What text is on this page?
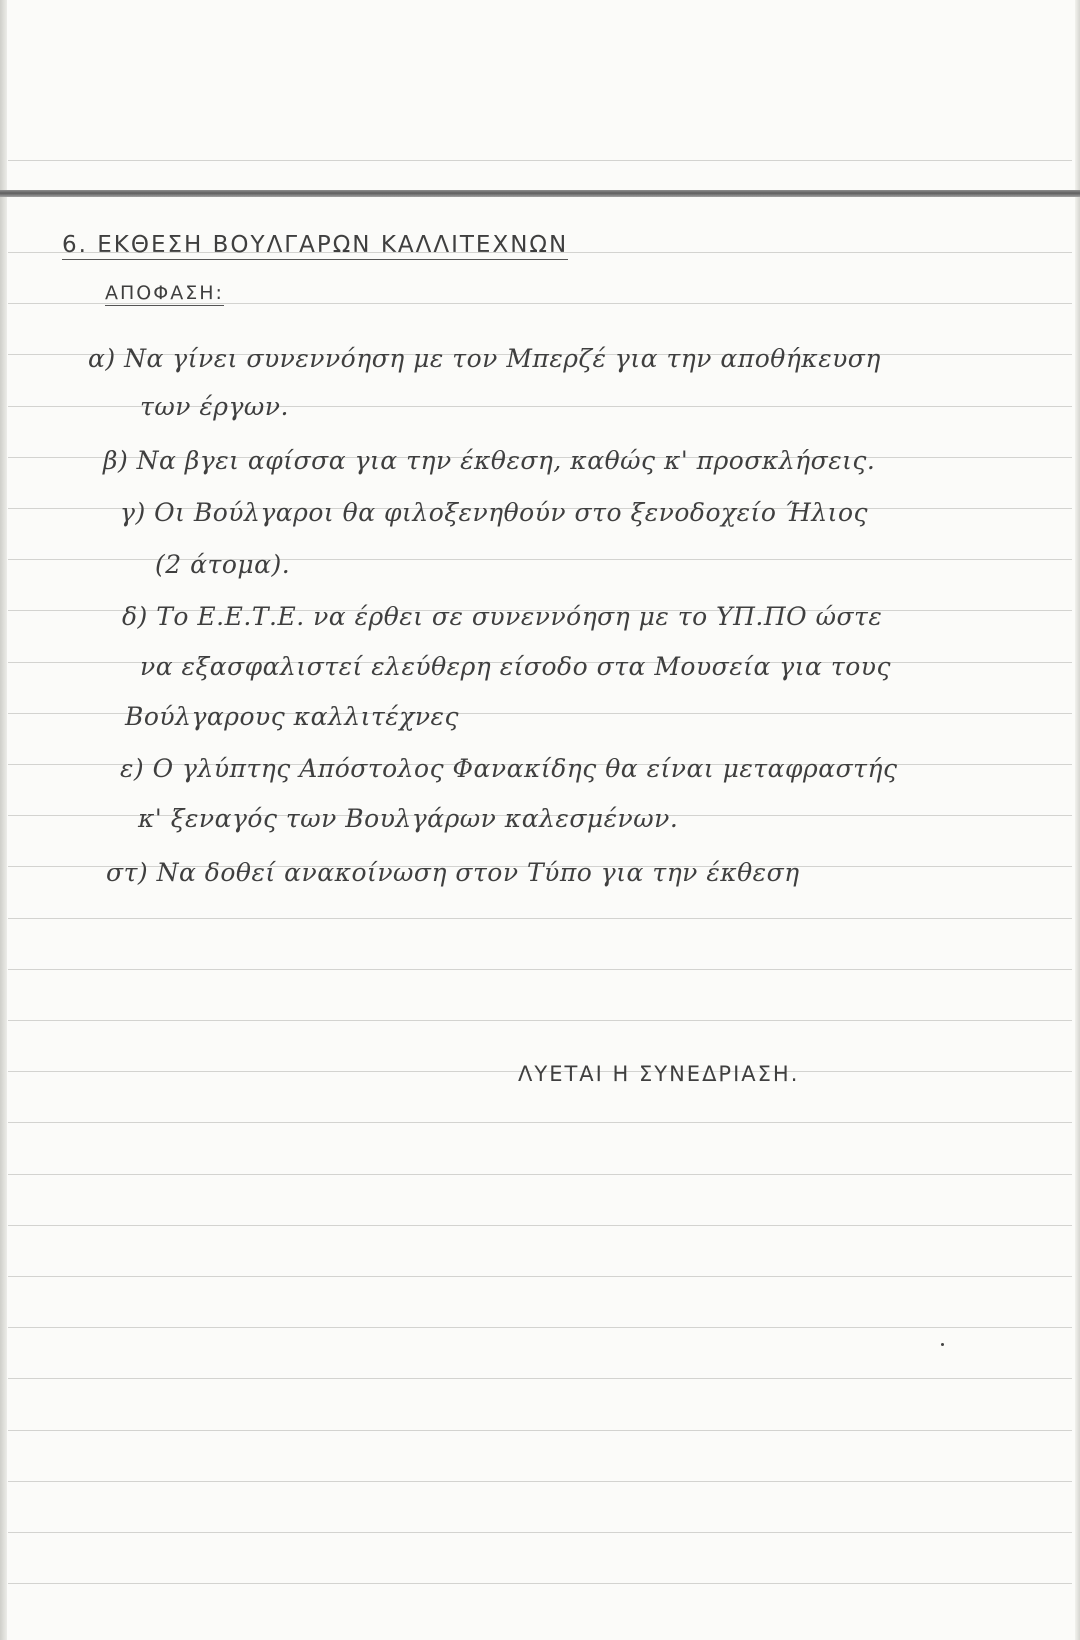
6. ΕΚΘΕΣΗ ΒΟΥΛΓΑΡΩΝ ΚΑΛΛΙΤΕΧΝΩΝ
ΑΠΟΦΑΣΗ:
α) Να γίνει συνεννόηση με τον Μπερζέ για την αποθήκευση
των έργων.
β) Να βγει αφίσσα για την έκθεση, καθώς κ' προσκλήσεις.
γ) Οι Βούλγαροι θα φιλοξενηθούν στο ξενοδοχείο Ήλιος
(2 άτομα).
δ) Το Ε.Ε.Τ.Ε. να έρθει σε συνεννόηση με το ΥΠ.ΠΟ ώστε
να εξασφαλιστεί ελεύθερη είσοδο στα Μουσεία για τους
Βούλγαρους καλλιτέχνες
ε) Ο γλύπτης Απόστολος Φανακίδης θα είναι μεταφραστής
κ' ξεναγός των Βουλγάρων καλεσμένων.
στ) Να δοθεί ανακοίνωση στον Τύπο για την έκθεση
ΛΥΕΤΑΙ Η ΣΥΝΕΔΡΙΑΣΗ.
